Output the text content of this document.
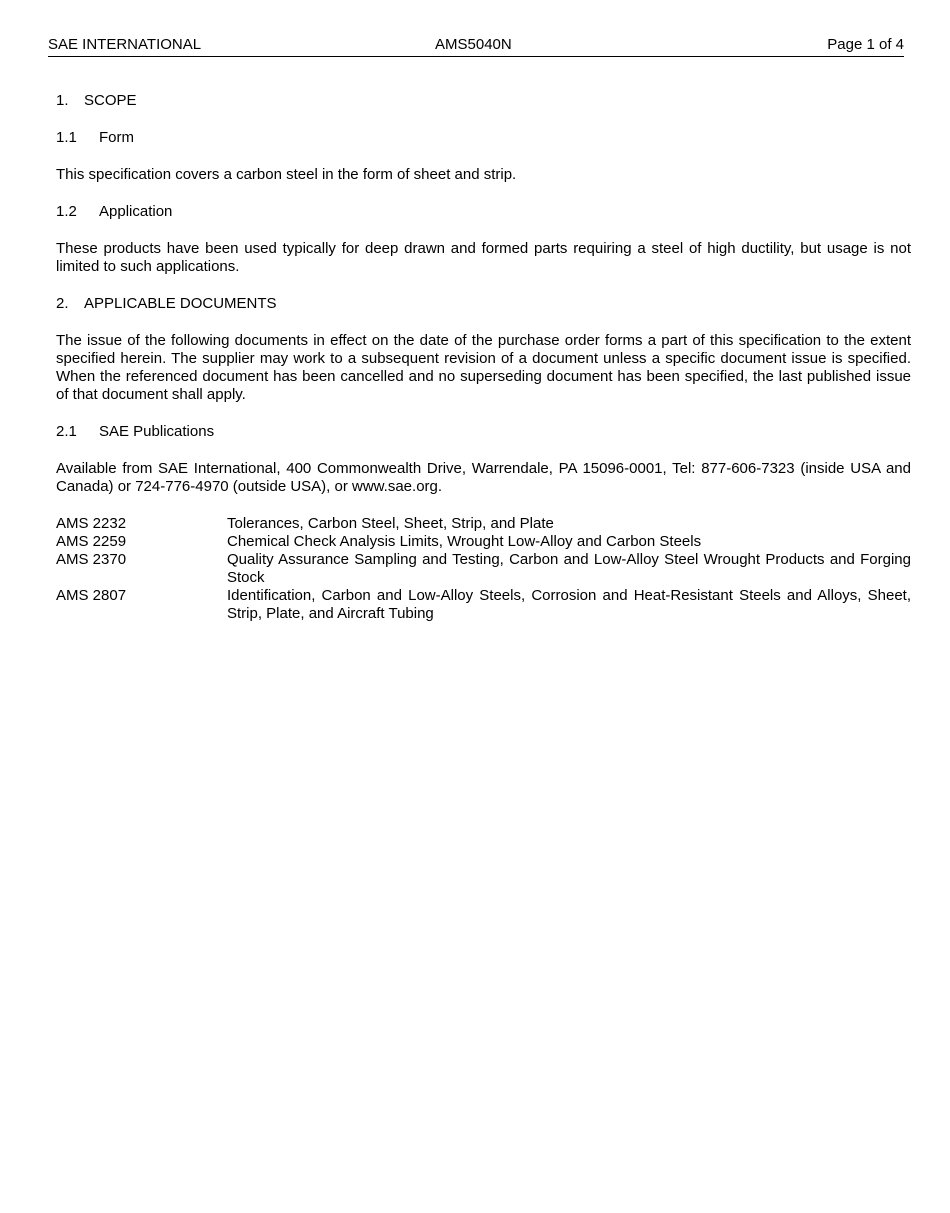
SAE INTERNATIONAL	AMS5040N	Page 1 of 4
1. SCOPE
1.1 Form

This specification covers a carbon steel in the form of sheet and strip.

1.2 Application

These products have been used typically for deep drawn and formed parts requiring a steel of high ductility, but usage is not limited to such applications.

2. APPLICABLE DOCUMENTS

The issue of the following documents in effect on the date of the purchase order forms a part of this specification to the extent specified herein. The supplier may work to a subsequent revision of a document unless a specific document issue is specified. When the referenced document has been cancelled and no superseding document has been specified, the last published issue of that document shall apply.

2.1 SAE Publications

Available from SAE International, 400 Commonwealth Drive, Warrendale, PA 15096-0001, Tel: 877-606-7323 (inside USA and Canada) or 724-776-4970 (outside USA), or www.sae.org.

AMS 2232	Tolerances, Carbon Steel, Sheet, Strip, and Plate
AMS 2259	Chemical Check Analysis Limits, Wrought Low-Alloy and Carbon Steels
AMS 2370	Quality Assurance Sampling and Testing, Carbon and Low-Alloy Steel Wrought Products and Forging Stock
AMS 2807	Identification, Carbon and Low-Alloy Steels, Corrosion and Heat-Resistant Steels and Alloys, Sheet, Strip, Plate, and Aircraft Tubing
